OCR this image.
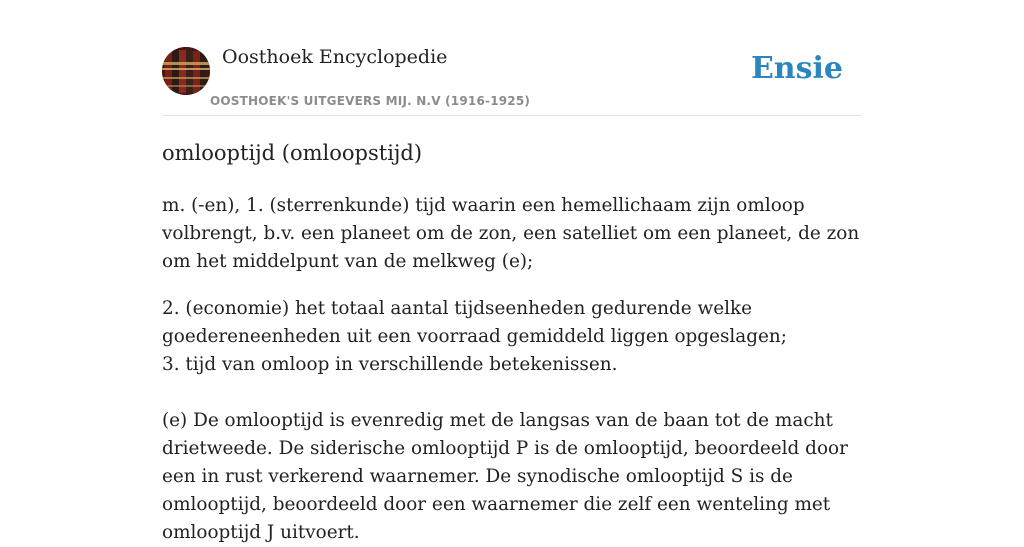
Oosthoek Encyclopedie
OOSTHOEK'S UITGEVERS MIJ. N.V (1916-1925)
Ensie
omlooptijd (omloopstijd)

m. (-en), 1. (sterrenkunde) tijd waarin een hemellichaam zijn omloop volbrengt, b.v. een planeet om de zon, een satelliet om een planeet, de zon om het middelpunt van de melkweg (e);

2. (economie) het totaal aantal tijdseenheden gedurende welke goedereneenheden uit een voorraad gemiddeld liggen opgeslagen;
3. tijd van omloop in verschillende betekenissen.

(e) De omlooptijd is evenredig met de langsas van de baan tot de macht drietweede. De siderische omlooptijd P is de omlooptijd, beoordeeld door een in rust verkerend waarnemer. De synodische omlooptijd S is de omlooptijd, beoordeeld door een waarnemer die zelf een wenteling met omlooptijd J uitvoert.
